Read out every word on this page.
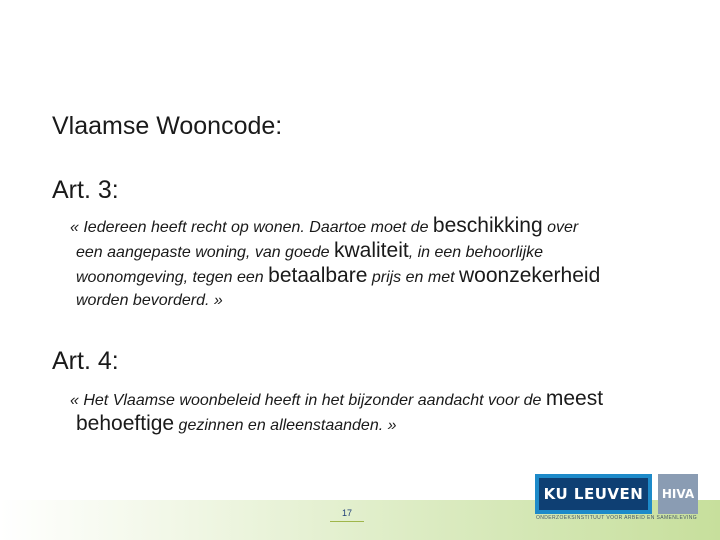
Vlaamse Wooncode:
Art. 3:
« Iedereen heeft recht op wonen. Daartoe moet de beschikking over
een aangepaste woning, van goede kwaliteit, in een behoorlijke
woonomgeving, tegen een betaalbare prijs en met woonzekerheid
worden bevorderd. »
Art. 4:
« Het Vlaamse woonbeleid heeft in het bijzonder aandacht voor de meest
behoeftige gezinnen en alleenstaanden. »
17
KU LEUVEN	HIVA
ONDERZOEKSINSTITUUT VOOR ARBEID EN SAMENLEVING
